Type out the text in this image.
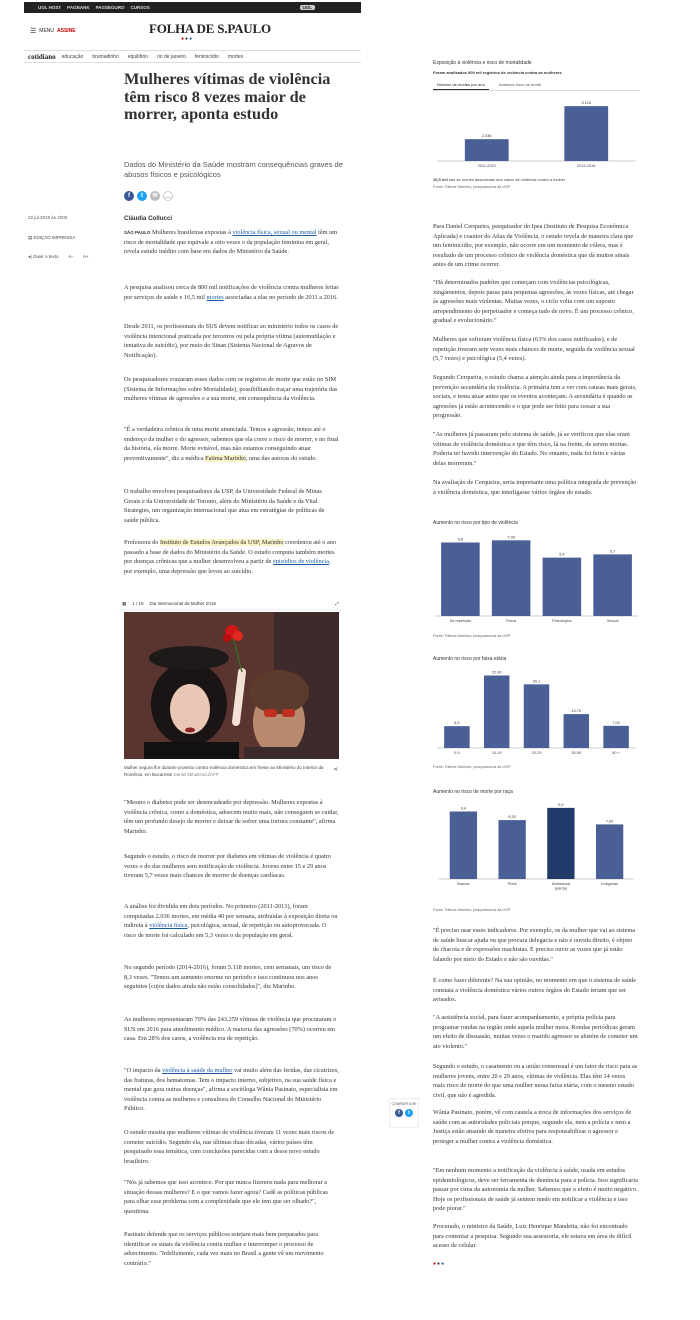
UOL HOST PAGBANK PAGSEGURO CURSOS	UOL
☰ MENU ASSINE	FOLHA DE S.PAULO
●●●
cotidiano educação brumadinho equilíbrio rio de janeiro feminicídio mortes
Mulheres vítimas de violência têm risco 8 vezes maior de morrer, aponta estudo
Dados do Ministério da Saúde mostram consequências graves de abusos físicos e psicológicos
f	t	✉	…
22.jul.2019 às 2h00
▤ EDIÇÃO IMPRESSA
◂) Ouvir o texto A- A+
Cláudia Collucci

SÃO PAULO Mulheres brasileiras expostas à violência física, sexual ou mental têm um risco de mortalidade que equivale a oito vezes o da população feminina em geral, revela estudo inédito com base em dados do Ministério da Saúde.

A pesquisa analisou cerca de 800 mil notificações de violência contra mulheres feitas por serviços de saúde e 16,5 mil mortes associadas a elas no período de 2011 a 2016.

Desde 2011, os profissionais do SUS devem notificar ao ministério todos os casos de violência intencional praticada por terceiros ou pela própria vítima (automutilação e tentativa de suicídio), por meio do Sinan (Sistema Nacional de Agravos de Notificação).

Os pesquisadores cruzaram esses dados com os registros de morte que estão no SIM (Sistema de Informações sobre Mortalidade), possibilitando traçar uma trajetória das mulheres vítimas de agressões e a sua morte, em consequência da violência.

"É a verdadeira crônica de uma morte anunciada. Temos a agressão, temos até o endereço da mulher e do agressor, sabemos que ela corre o risco de morrer, e no final da história, ela morre. Morte evitável, mas não estamos conseguindo atuar preventivamente", diz a médica Fatima Marinho, uma das autoras do estudo.

O trabalho envolveu pesquisadores da USP, da Universidade Federal de Minas Gerais e da Universidade de Toronto, além do Ministério da Saúde e da Vital Strategies, um organização internacional que atua em estratégias de políticas de saúde pública.

Professora do Instituto de Estudos Avançados da USP, Marinho coordenou até o ano passado a base de dados do Ministério da Saúde. O estudo computa também mortes por doenças crônicas que a mulher desenvolveu a partir de episódios de violência, por exemplo, uma depressão que levou ao suicídio.

▦ 1 / 19 Dia Internacional da Mulher 2018	⤢
Mulher segura flor durante protesto contra violência doméstica em frente ao Ministério do Interior da Romênia, em Bucareste Daniel Mihailescu/AFP
⋖

"Mesmo o diabetes pode ser desencadeado por depressão. Mulheres expostas à violência crônica, como a doméstica, adoecem muito mais, não conseguem se cuidar, têm um profundo desejo de morrer e deixar de sofrer uma tortura constante", afirma Marinho.

Segundo o estudo, o risco de morrer por diabetes em vítimas de violência é quatro vezes o do das mulheres sem notificação de violência. Jovens entre 15 e 29 anos tiveram 5,7 vezes mais chances de morrer de doenças cardíacas.

A análise foi dividida em dois períodos. No primeiro (2011-2013), foram computadas 2.036 mortes, em média 40 por semana, atribuídas à exposição direta ou indireta à violência física, psicológica, sexual, de repetição ou autoprovocada. O risco de morte foi calculado em 5,3 vezes o da população em geral.

No segundo período (2014-2016), foram 5.118 mortes, cem semanais, um risco de 8,3 vezes. "Temos um aumento enorme no período e isso continuou nos anos seguintes [cujos dados ainda não estão consolidados]", diz Marinho.

As mulheres representaram 70% das 243.259 vítimas de violência que procuraram o SUS em 2016 para atendimento médico. A maioria das agressões (70%) ocorreu em casa. Em 28% dos casos, a violência era de repetição.

"O impacto da violência à saúde da mulher vai muito além das feridas, das cicatrizes, das fraturas, dos hematomas. Tem o impacto interno, subjetivo, na sua saúde física e mental que gera outras doenças", afirma a socióloga Wânia Pasinato, especialista em violência contra as mulheres e consultora do Conselho Nacional do Ministério Público.

O estudo mostra que mulheres vítimas de violência tiveram 11 vezes mais riscos de cometer suicídio. Segundo ela, nas últimas duas décadas, vários países têm pesquisado essa temática, com conclusões parecidas com a desse novo estudo brasileiro.

"Nós já sabemos que isso acontece. Por que nunca fizemos nada para melhorar a situação dessas mulheres? E o que vamos fazer agora? Cadê as políticas públicas para olhar esse problema com a complexidade que ele tem que ser olhado?", questiona.

Pasinato defende que os serviços públicos estejam mais bem preparados para identificar os sinais da violência contra mulher e interromper o processo de adoecimento. "Infelizmente, cada vez mais no Brasil a gente vê um movimento contrário."

COMPARTILHE
f	t
Exposição à violência e risco de mortalidade
Foram analisados 800 mil registros de violência contra as mulheres
Número de mortes por ano	Aumento risco de morte
2.036
2011-2013
5.118
2014-2016
16,5 mil são as mortes associadas aos casos de violência contra a mulher
Fonte: Fátima Marinho, pesquisadora da USP

Para Daniel Cerqueira, pesquisador do Ipea (Instituto de Pesquisa Econômica Aplicada) e coautor do Atlas da Violência, o estudo revela de maneira clara que um feminicídio, por exemplo, não ocorre em um momento de cólera, mas é resultado de um processo crônico de violência doméstica que dá muitos sinais antes de um crime ocorrer.

"Há determinados padrões que começam com violências psicológicas, xingamentos, depois passa para pequenas agressões, às vezes físicas, até chegar às agressões mais violentas. Muitas vezes, o ciclo volta com um suposto arrependimento do perpetuador e começa tudo de novo. É um processo crônico, gradual e evolucionário."

Mulheres que sofreram violência física (63% dos casos notificados), e de repetição tiveram sete vezes mais chances de morte, seguida da violência sexual (5,7 vezes) e psicológica (5,4 vezes).

Segundo Cerqueira, o estudo chama a atenção ainda para a importância da prevenção secundária da violência. A primária tem a ver com causas mais gerais, sociais, e tenta atuar antes que os eventos aconteçam. A secundária é quando as agressões já estão acontecendo e o que pode ser feito para cessar a sua progressão.

"As mulheres já passaram pelo sistema de saúde, já se verificou que elas eram vítimas de violência doméstica e que têm risco, lá na frente, de serem mortas. Poderia ter havido intervenção do Estado. No entanto, nada foi feito e várias delas morreram."

Na avaliação de Cerqueira, seria importante uma política integrada de prevenção à violência doméstica, que interligasse vários órgãos do estado.

Aumento no risco por tipo de violência
6,8
De repetição
7,00
Física
5,4
Psicológica
5,7
Sexual
Fonte: Fátima Marinho, pesquisadora da USP
Aumento no risco por faixa etária
6,9
0-9
22,90
10-19
20,1
20-29
10,70
30-59
7,00
60 +
Fonte: Fátima Marinho, pesquisadora da USP
Aumento no risco de morte por raça
9,4
Branca
8,20
Preta
9,9
Multirracial
(parda)
7,60
Indígenas
Fonte: Fátima Marinho, pesquisadora da USP

"É preciso usar esses indicadores. Por exemplo, os da mulher que vai ao sistema de saúde buscar ajuda ou que procura delegacia e não é ouvida direito, é objeto de chacota e de expressões machistas. É preciso ouvir as vozes que já estão falando por meio do Estado e não são ouvidas."

E como fazer diferente? Na sua opinião, no momento em que o sistema de saúde constata a violência doméstica vários outros órgãos do Estado teriam que ser avisados.

"A assistência social, para fazer acompanhamento, a própria polícia para programar rondas na região onde aquela mulher mora. Rondas periódicas geram um efeito de dissuasão, muitas vezes o marido agressor se abstém de cometer um ato violento."

Segundo o estudo, o casamento ou a união consensual é um fator de risco para as mulheres jovens, entre 20 e 29 anos, vítimas de violência. Elas têm 14 vezes mais risco de morte do que uma mulher nessa faixa etária, com o mesmo estado civil, que não é agredida.

Wânia Pasinato, porém, vê com cautela a troca de informações dos serviços de saúde com as autoridades policiais porque, segundo ela, nem a polícia e nem a Justiça estão atuando de maneira efetiva para responsabilizar o agressor e proteger a mulher contra a violência doméstica.

"Em nenhum momento a notificação da violência à saúde, usada em estudos epidemiológicos, deve ser ferramenta de denúncia para a polícia. Isso significaria passar por cima da autonomia da mulher. Sabemos que o efeito é muito negativo. Hoje os profissionais de saúde já sentem medo em notificar a violência e isso pode piorar."

Procurado, o ministro da Saúde, Luiz Henrique Mandetta, não foi encontrado para comentar a pesquisa. Segundo sua assessoria, ele estava em área de difícil acesso de celular.

●●●
